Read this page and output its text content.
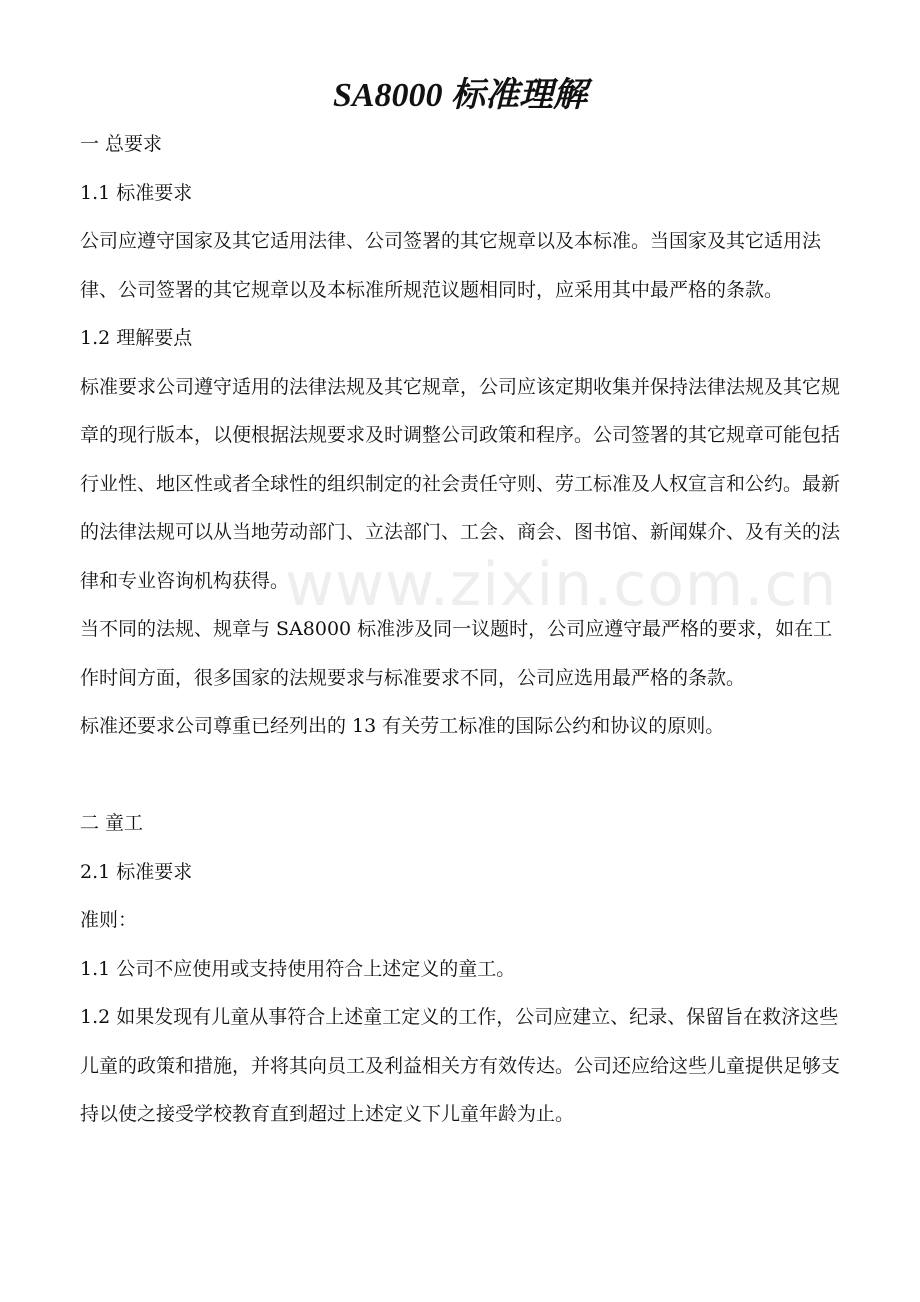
SA8000 标准理解

一 总要求

1.1 标准要求

公司应遵守国家及其它适用法律、公司签署的其它规章以及本标准。当国家及其它适用法律、公司签署的其它规章以及本标准所规范议题相同时，应采用其中最严格的条款。

1.2 理解要点

标准要求公司遵守适用的法律法规及其它规章，公司应该定期收集并保持法律法规及其它规章的现行版本，以便根据法规要求及时调整公司政策和程序。公司签署的其它规章可能包括行业性、地区性或者全球性的组织制定的社会责任守则、劳工标准及人权宣言和公约。最新的法律法规可以从当地劳动部门、立法部门、工会、商会、图书馆、新闻媒介、及有关的法律和专业咨询机构获得。

当不同的法规、规章与 SA8000 标准涉及同一议题时，公司应遵守最严格的要求，如在工作时间方面，很多国家的法规要求与标准要求不同，公司应选用最严格的条款。

标准还要求公司尊重已经列出的 13 有关劳工标准的国际公约和协议的原则。

二 童工

2.1 标准要求

准则：

1.1 公司不应使用或支持使用符合上述定义的童工。

1.2 如果发现有儿童从事符合上述童工定义的工作，公司应建立、纪录、保留旨在救济这些儿童的政策和措施，并将其向员工及利益相关方有效传达。公司还应给这些儿童提供足够支持以使之接受学校教育直到超过上述定义下儿童年龄为止。

www.zixin.com.cn
